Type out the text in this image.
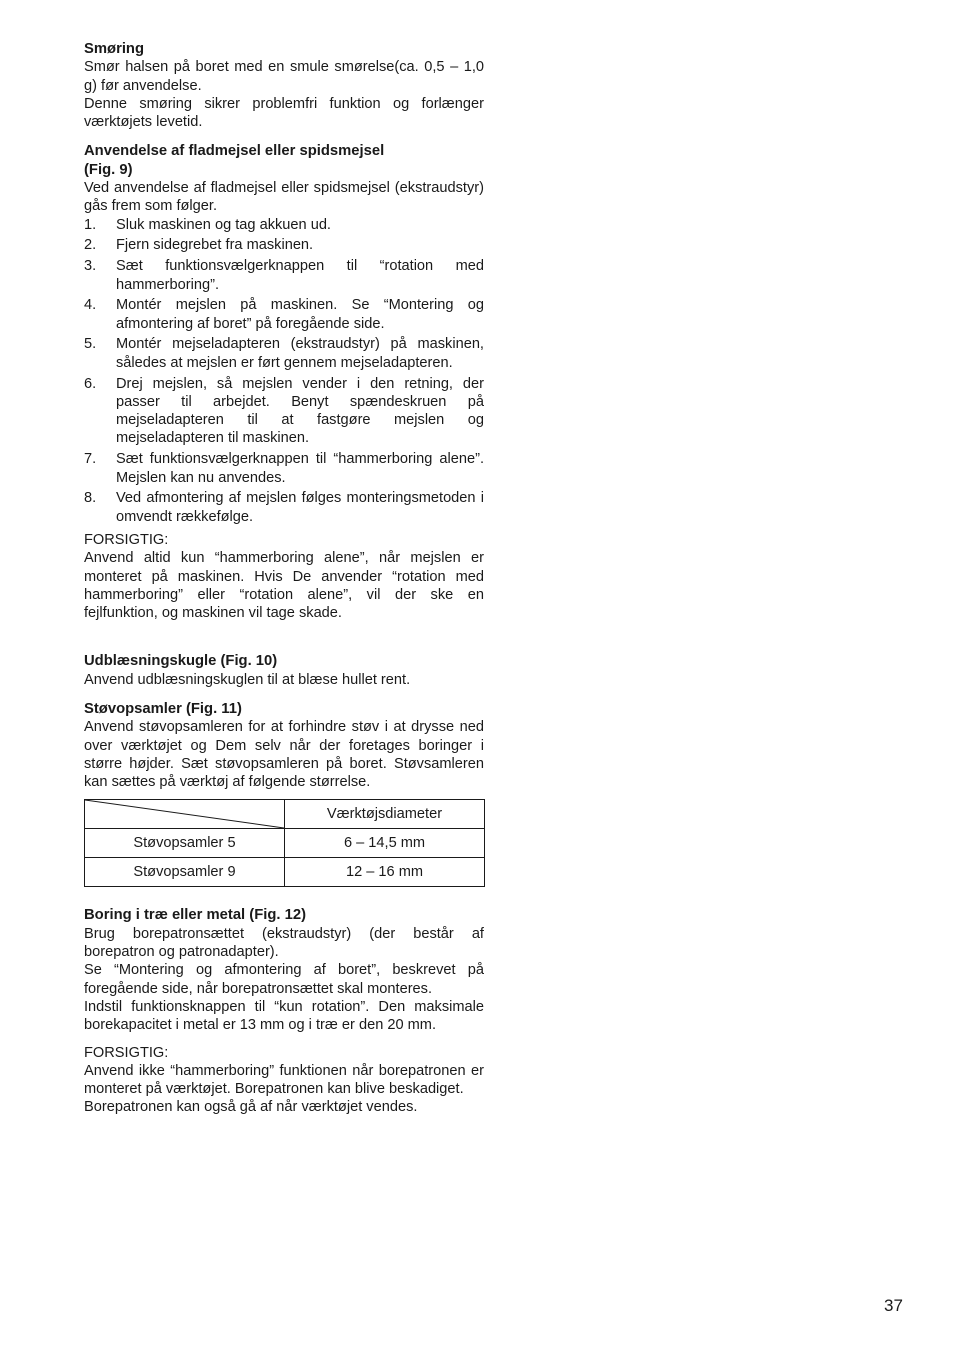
Smøring

Smør halsen på boret med en smule smørelse(ca. 0,5 – 1,0 g) før anvendelse.

Denne smøring sikrer problemfri funktion og forlænger værktøjets levetid.

Anvendelse af fladmejsel eller spidsmejsel
(Fig. 9)

Ved anvendelse af fladmejsel eller spidsmejsel (ekstraudstyr) gås frem som følger.

1. Sluk maskinen og tag akkuen ud.
2. Fjern sidegrebet fra maskinen.
3. Sæt funktionsvælgerknappen til “rotation med hammerboring”.
4. Montér mejslen på maskinen. Se “Montering og afmontering af boret” på foregående side.
5. Montér mejseladapteren (ekstraudstyr) på maskinen, således at mejslen er ført gennem mejseladapteren.
6. Drej mejslen, så mejslen vender i den retning, der passer til arbejdet. Benyt spændeskruen på mejseladapteren til at fastgøre mejslen og mejseladapteren til maskinen.
7. Sæt funktionsvælgerknappen til “hammerboring alene”. Mejslen kan nu anvendes.
8. Ved afmontering af mejslen følges monteringsmetoden i omvendt rækkefølge.

FORSIGTIG:

Anvend altid kun “hammerboring alene”, når mejslen er monteret på maskinen. Hvis De anvender “rotation med hammerboring” eller “rotation alene”, vil der ske en fejlfunktion, og maskinen vil tage skade.

Udblæsningskugle (Fig. 10)

Anvend udblæsningskuglen til at blæse hullet rent.

Støvopsamler (Fig. 11)

Anvend støvopsamleren for at forhindre støv i at drysse ned over værktøjet og Dem selv når der foretages boringer i større højder. Sæt støvopsamleren på boret. Støvsamleren kan sættes på værktøj af følgende størrelse.

	Værktøjsdiameter
Støvopsamler 5	6 – 14,5 mm
Støvopsamler 9	12 – 16 mm
Boring i træ eller metal (Fig. 12)

Brug borepatronsættet (ekstraudstyr) (der består af borepatron og patronadapter).

Se “Montering og afmontering af boret”, beskrevet på foregående side, når borepatronsættet skal monteres.

Indstil funktionsknappen til “kun rotation”. Den maksimale borekapacitet i metal er 13 mm og i træ er den 20 mm.

FORSIGTIG:

Anvend ikke “hammerboring” funktionen når borepatronen er monteret på værktøjet. Borepatronen kan blive beskadiget.

Borepatronen kan også gå af når værktøjet vendes.

37
